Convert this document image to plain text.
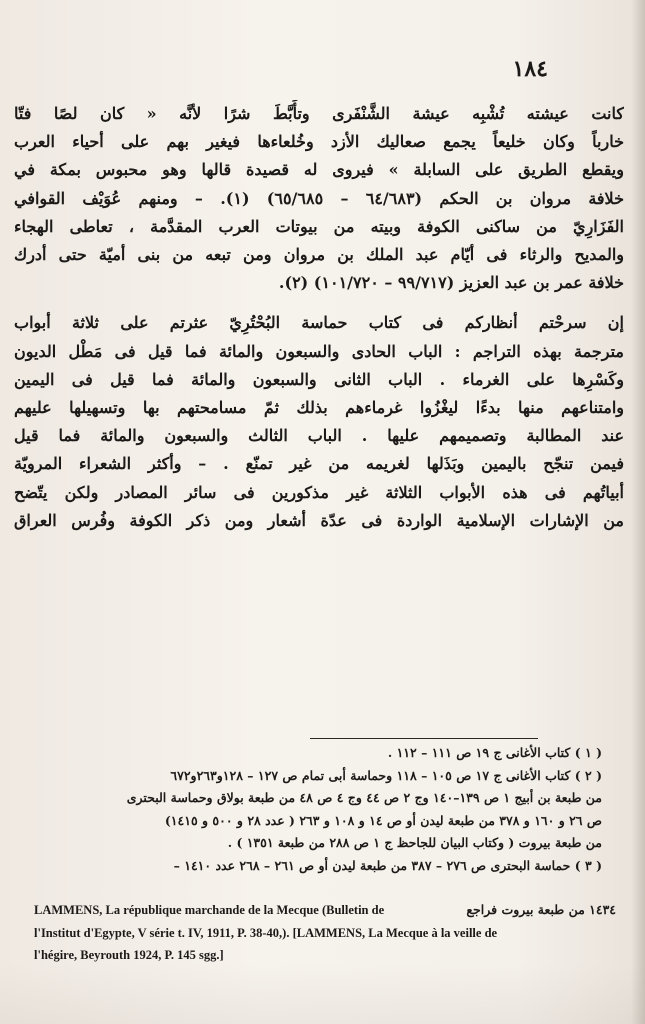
١٨٤

كانت عيشته تُشْبِه عيشة الشَّنْفَرى وتأَبَّطَ شرًا لأنَّه « كان لصًا فتّا

خارباً وكان خليعاً يجمع صعاليك الأزد وخُلعاءها فيغير بهم على أحياء العرب

ويقطع الطريق على السابلة » فيروى له قصيدة قالها وهو محبوس بمكة في

خلافة مروان بن الحكم (٦٤/٦٨٣ – ٦٥/٦٨٥) (١). – ومنهم عُوَيْف القوافي

الفَزَارِيّ من ساكنى الكوفة وبيته من بيوتات العرب المقدَّمة ، تعاطى الهجاء

والمديح والرثاء فى أيّام عبد الملك بن مروان ومن تبعه من بنى أميّة حتى أدرك

خلافة عمر بن عبد العزيز (٩٩/٧١٧ – ١٠١/٧٢٠) (٢).

إن سرحْتم أنظاركم فى كتاب حماسة البُحْتُرِيّ عثرتم على ثلاثة أبواب

مترجمة بهذه التراجم : الباب الحادى والسبعون والمائة فما قيل فى مَطْل الديون

وكَسْرِها على الغرماء . الباب الثانى والسبعون والمائة فما قيل فى اليمين

وامتناعهم منها بدءًا ليغْزُوا غرماءهم بذلك ثمّ مسامحتهم بها وتسهيلها عليهم

عند المطالبة وتصميمهم عليها . الباب الثالث والسبعون والمائة فما قيل

فيمن تنجّح باليمين وبَذَلها لغريمه من غير تمنّع . – وأكثر الشعراء المرويّة

أبياتُهم فى هذه الأبواب الثلاثة غير مذكورين فى سائر المصادر ولكن يتّضح

من الإشارات الإسلامية الواردة فى عدّة أشعار ومن ذكر الكوفة وفُرس العراق

( ١ ) كتاب الأغانى ج ١٩ ص ١١١ – ١١٢ .

( ٢ ) كتاب الأغانى ج ١٧ ص ١٠٥ – ١١٨ وحماسة أبى تمام ص ١٢٧ – ١٢٨و٢٦٣و٦٧٢

من طبعة بن أبيج ١ ص ١٣٩–١٤٠ وج ٢ ص ٤٤ وج ٤ ص ٤٨ من طبعة بولاق وحماسة البحترى

ص ٢٦ و ١٦٠ و ٣٧٨ من طبعة ليدن أو ص ١٤ و ١٠٨ و ٢٦٣ ( عدد ٢٨ و ٥٠٠ و ١٤١٥)

من طبعة بيروت ( وكتاب البيان للجاحظ ج ١ ص ٢٨٨ من طبعة ١٣٥١ ) .

( ٣ ) حماسة البحترى ص ٢٧٦ – ٣٨٧ من طبعة ليدن أو ص ٢٦١ – ٢٦٨ عدد ١٤١٠ –

LAMMENS, La république marchande de la Mecque (Bulletin de	١٤٣٤ من طبعة بيروت فراجع

l'Institut d'Egypte, V série t. IV, 1911, P. 38-40,). [LAMMENS, La Mecque à la veille de

l'hégire, Beyrouth 1924, P. 145 sgg.]
